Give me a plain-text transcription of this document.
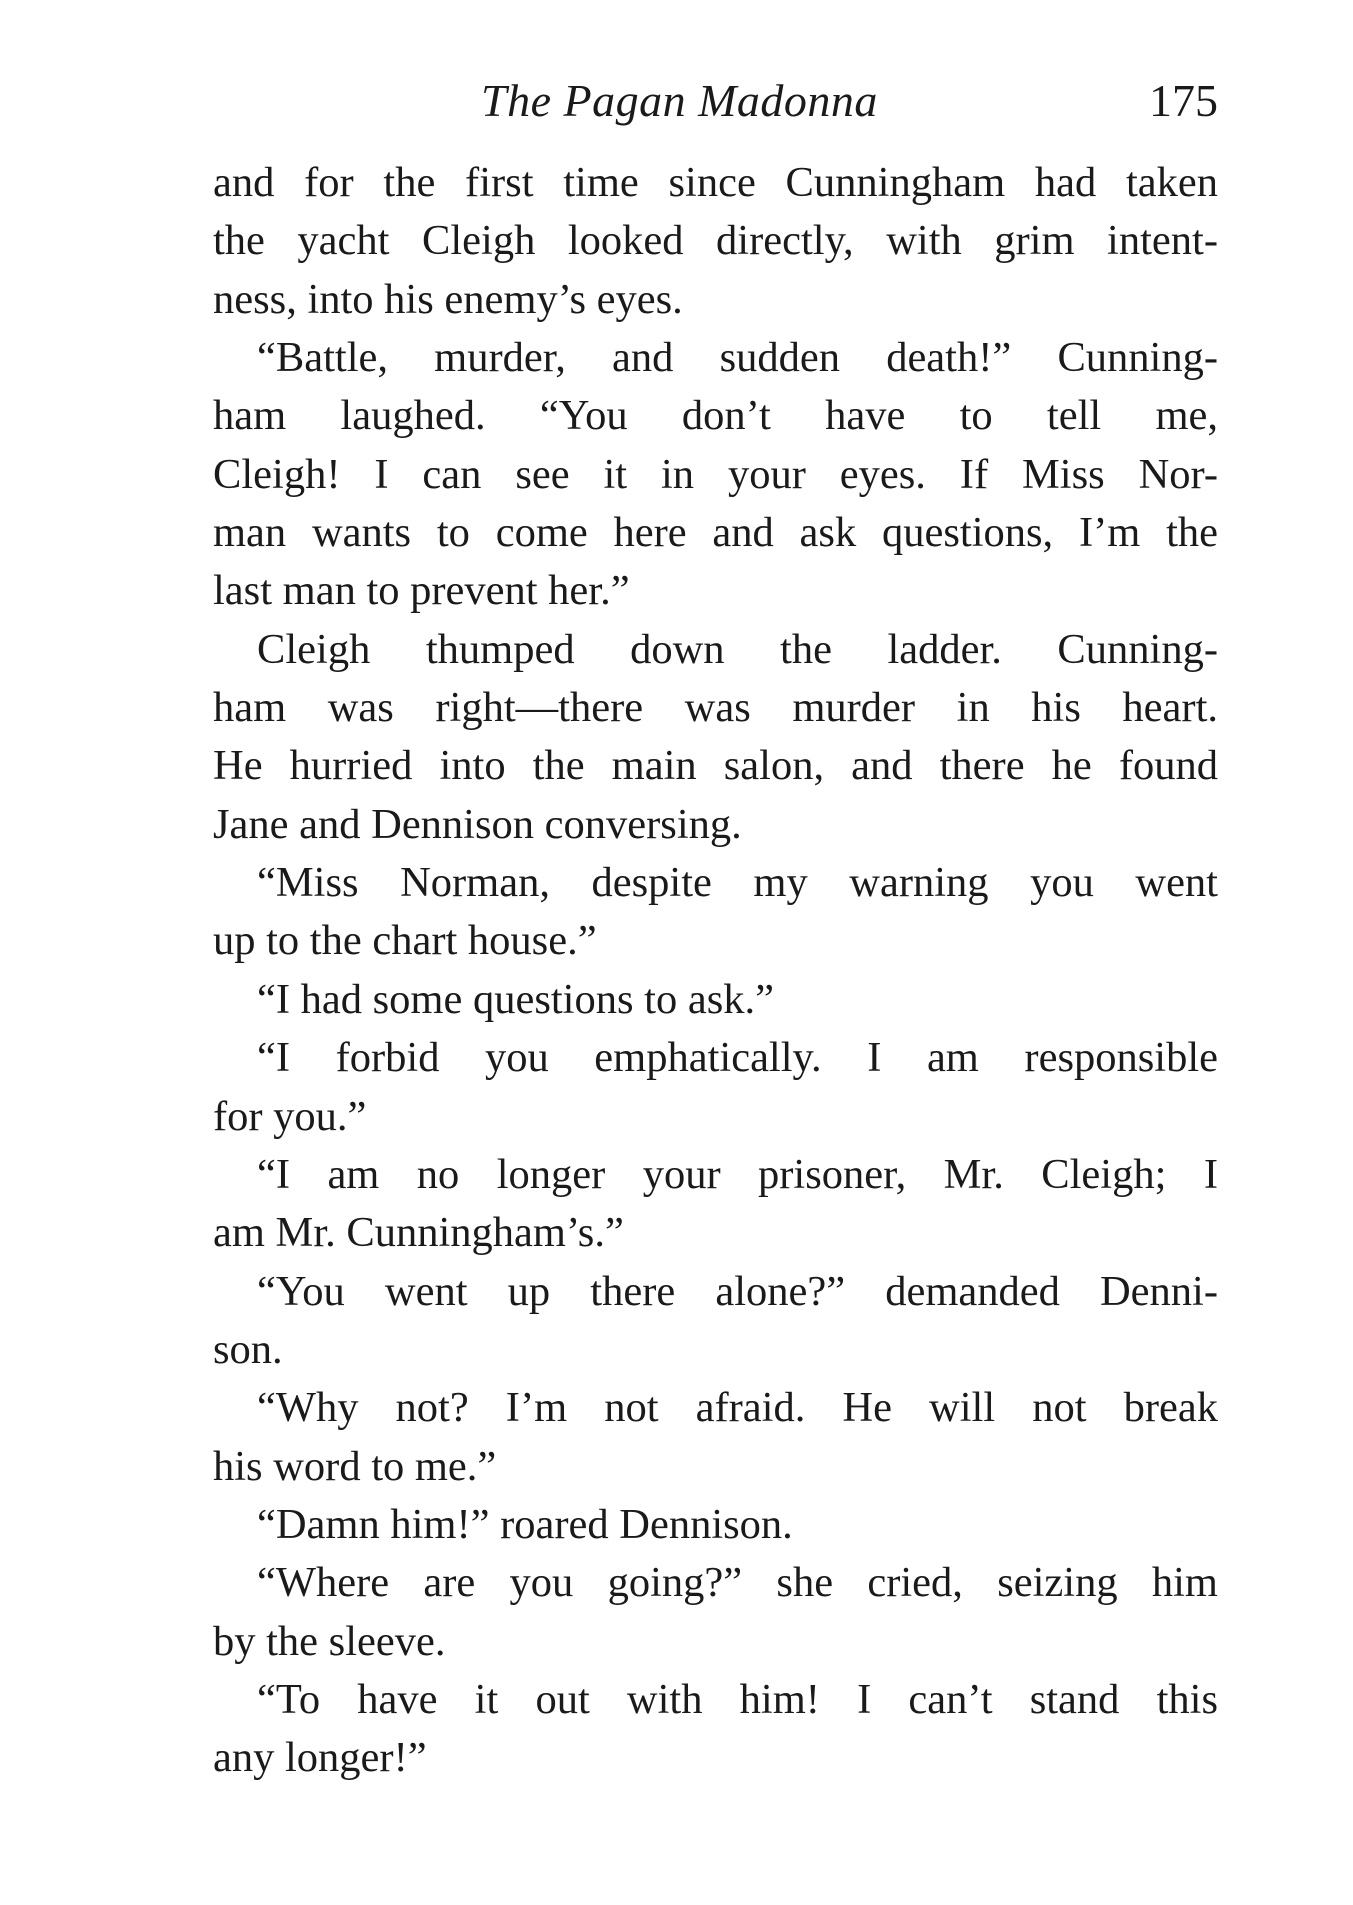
The Pagan Madonna	175
and for the first time since Cunningham had taken
the yacht Cleigh looked directly, with grim intent-
ness, into his enemy’s eyes.
“Battle, murder, and sudden death!” Cunning-
ham laughed. “You don’t have to tell me,
Cleigh! I can see it in your eyes. If Miss Nor-
man wants to come here and ask questions, I’m the
last man to prevent her.”
Cleigh thumped down the ladder. Cunning-
ham was right—there was murder in his heart.
He hurried into the main salon, and there he found
Jane and Dennison conversing.
“Miss Norman, despite my warning you went
up to the chart house.”
“I had some questions to ask.”
“I forbid you emphatically. I am responsible
for you.”
“I am no longer your prisoner, Mr. Cleigh; I
am Mr. Cunningham’s.”
“You went up there alone?” demanded Denni-
son.
“Why not? I’m not afraid. He will not break
his word to me.”
“Damn him!” roared Dennison.
“Where are you going?” she cried, seizing him
by the sleeve.
“To have it out with him! I can’t stand this
any longer!”
